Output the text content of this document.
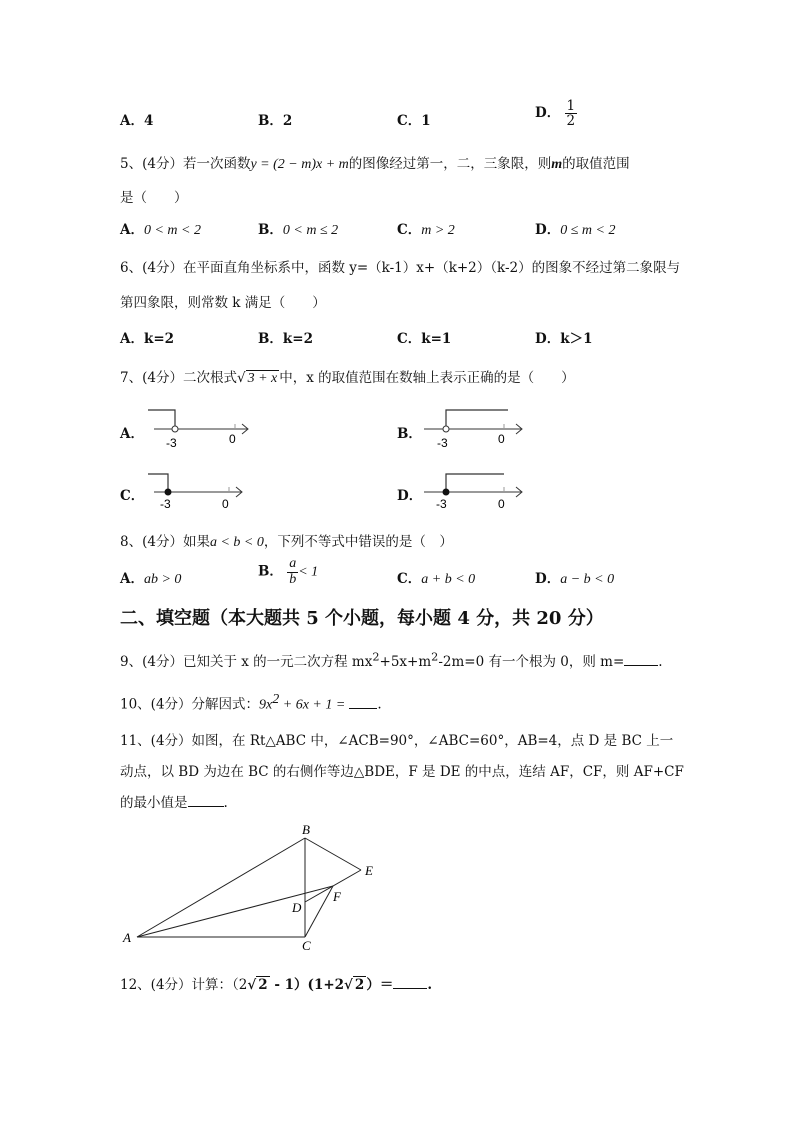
A．4	B．2	C．1	D． $\frac{1}{2}$
5、(4分）若一次函数y = (2 − m)x + m的图像经过第一，二，三象限，则m的取值范围
是（　　）
A．0 < m < 2	B．0 < m ≤ 2	C．m > 2	D．0 ≤ m < 2
6、(4分）在平面直角坐标系中，函数 y=（k-1）x+（k+2）（k-2）的图象不经过第二象限与
第四象限，则常数 k 满足（　　）
A．k=2	B．k=2	C．k=1	D．k＞1
7、(4分）二次根式√ 3 + x 中，x 的取值范围在数轴上表示正确的是（　　）
A．
-3	0	B．
-3	0
C． -3	0	D． -3	0
8、(4分）如果a < b < 0，下列不等式中错误的是（　）
A．ab > 0	B． $\frac{a}{b} < 1$	C．a + b < 0	D．a − b < 0
二、填空题（本大题共 5 个小题，每小题 4 分，共 20 分）
9、(4分）已知关于 x 的一元二次方程 $mx^2+5x+m^2-2m=0$ 有一个根为 0，则 m=	.
10、(4分）分解因式：$9x^2 + 6x + 1$ = .
11、(4分）如图，在 Rt△ABC 中，∠ACB=90°，∠ABC=60°，AB=4，点 D 是 BC 上一
动点，以 BD 为边在 BC 的右侧作等边△BDE，F 是 DE 的中点，连结 AF，CF，则 AF+CF
的最小值是	.
A
B
C
D
E
F
12、(4分）计算：（2√ 2 - 1）(1+2√ 2 ）＝	.
